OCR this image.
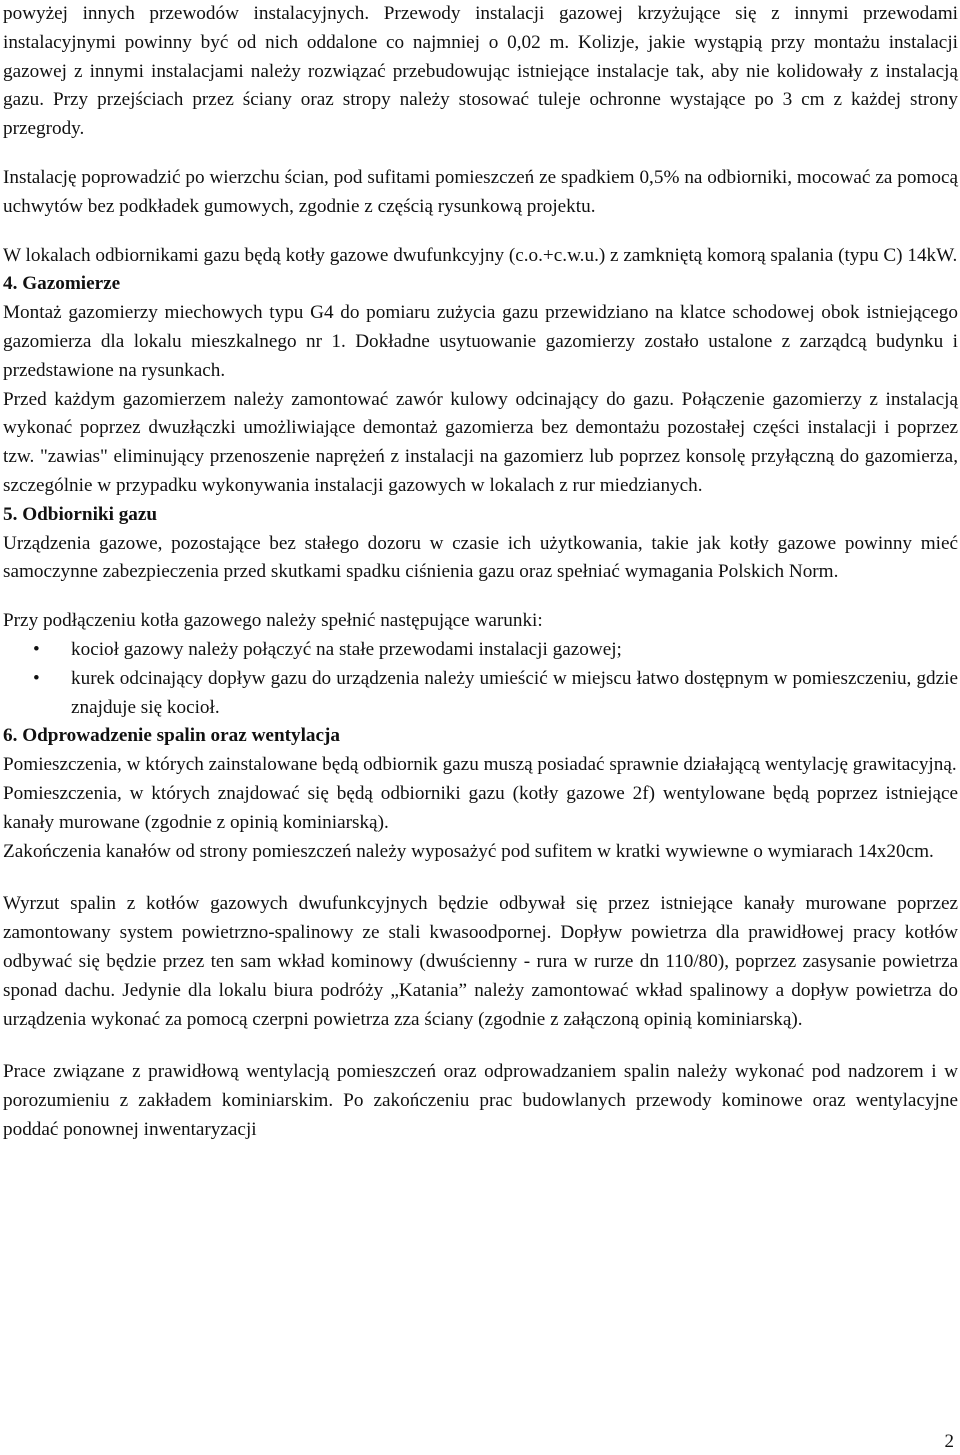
powyżej innych przewodów instalacyjnych. Przewody instalacji gazowej krzyżujące się z innymi przewodami instalacyjnymi powinny być od nich oddalone co najmniej o 0,02 m. Kolizje, jakie wystąpią przy montażu instalacji gazowej z innymi instalacjami należy rozwiązać przebudowując istniejące instalacje tak, aby nie kolidowały z instalacją gazu. Przy przejściach przez ściany oraz stropy należy stosować tuleje ochronne wystające po 3 cm z każdej strony przegrody.

Instalację poprowadzić po wierzchu ścian, pod sufitami pomieszczeń ze spadkiem 0,5% na odbiorniki, mocować za pomocą uchwytów bez podkładek gumowych, zgodnie z częścią rysunkową projektu.

W lokalach odbiornikami gazu będą kotły gazowe dwufunkcyjny (c.o.+c.w.u.) z zamkniętą komorą spalania (typu C) 14kW.

4. Gazomierze

Montaż gazomierzy miechowych typu G4 do pomiaru zużycia gazu przewidziano na klatce schodowej obok istniejącego gazomierza dla lokalu mieszkalnego nr 1. Dokładne usytuowanie gazomierzy zostało ustalone z zarządcą budynku i przedstawione na rysunkach.

Przed każdym gazomierzem należy zamontować zawór kulowy odcinający do gazu. Połączenie gazomierzy z instalacją wykonać poprzez dwuzłączki umożliwiające demontaż gazomierza bez demontażu pozostałej części instalacji i poprzez tzw. "zawias" eliminujący przenoszenie naprężeń z instalacji na gazomierz lub poprzez konsolę przyłączną do gazomierza, szczególnie w przypadku wykonywania instalacji gazowych w lokalach z rur miedzianych.

5. Odbiorniki gazu

Urządzenia gazowe, pozostające bez stałego dozoru w czasie ich użytkowania, takie jak kotły gazowe powinny mieć samoczynne zabezpieczenia przed skutkami spadku ciśnienia gazu oraz spełniać wymagania Polskich Norm.

Przy podłączeniu kotła gazowego należy spełnić następujące warunki:

• kocioł gazowy należy połączyć na stałe przewodami instalacji gazowej;
• kurek odcinający dopływ gazu do urządzenia należy umieścić w miejscu łatwo dostępnym w pomieszczeniu, gdzie znajduje się kocioł.

6. Odprowadzenie spalin oraz wentylacja

Pomieszczenia, w których zainstalowane będą odbiornik gazu muszą posiadać sprawnie działającą wentylację grawitacyjną.

Pomieszczenia, w których znajdować się będą odbiorniki gazu (kotły gazowe 2f) wentylowane będą poprzez istniejące kanały murowane (zgodnie z opinią kominiarską).

Zakończenia kanałów od strony pomieszczeń należy wyposażyć pod sufitem w kratki wywiewne o wymiarach 14x20cm.

Wyrzut spalin z kotłów gazowych dwufunkcyjnych będzie odbywał się przez istniejące kanały murowane poprzez zamontowany system powietrzno-spalinowy ze stali kwasoodpornej. Dopływ powietrza dla prawidłowej pracy kotłów odbywać się będzie przez ten sam wkład kominowy (dwuścienny - rura w rurze dn 110/80), poprzez zasysanie powietrza sponad dachu. Jedynie dla lokalu biura podróży „Katania” należy zamontować wkład spalinowy a dopływ powietrza do urządzenia wykonać za pomocą czerpni powietrza zza ściany (zgodnie z załączoną opinią kominiarską).

Prace związane z prawidłową wentylacją pomieszczeń oraz odprowadzaniem spalin należy wykonać pod nadzorem i w porozumieniu z zakładem kominiarskim. Po zakończeniu prac budowlanych przewody kominowe oraz wentylacyjne poddać ponownej inwentaryzacji

2
